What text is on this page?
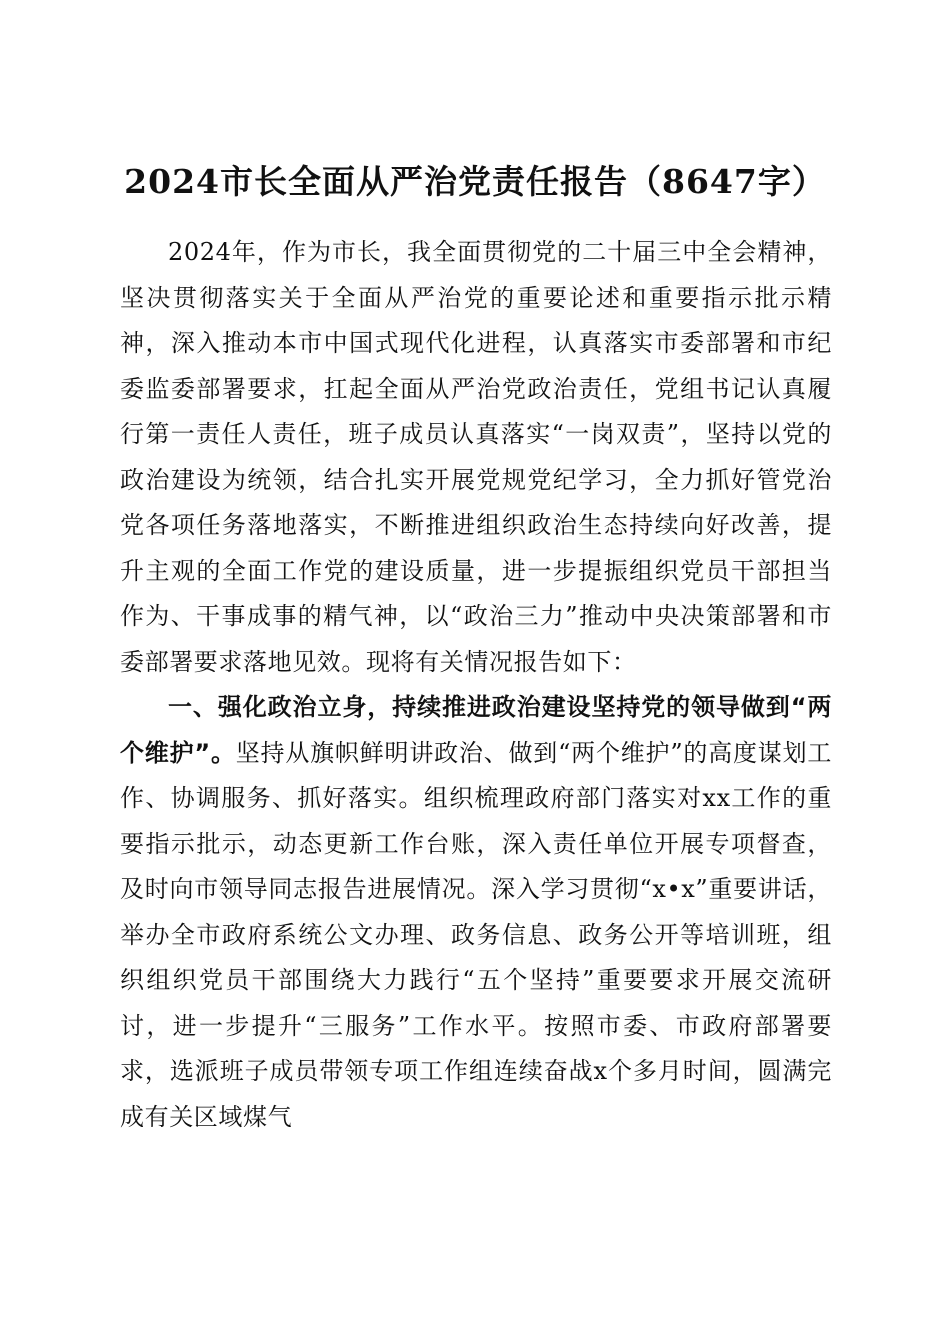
2024市长全面从严治党责任报告（8647字）

2024年，作为市长，我全面贯彻党的二十届三中全会精神，坚决贯彻落实关于全面从严治党的重要论述和重要指示批示精神，深入推动本市中国式现代化进程，认真落实市委部署和市纪委监委部署要求，扛起全面从严治党政治责任，党组书记认真履行第一责任人责任，班子成员认真落实“一岗双责”，坚持以党的政治建设为统领，结合扎实开展党规党纪学习，全力抓好管党治党各项任务落地落实，不断推进组织政治生态持续向好改善，提升主观的全面工作党的建设质量，进一步提振组织党员干部担当作为、干事成事的精气神，以“政治三力”推动中央决策部署和市委部署要求落地见效。现将有关情况报告如下：

一、强化政治立身，持续推进政治建设坚持党的领导做到“两个维护”。坚持从旗帜鲜明讲政治、做到“两个维护”的高度谋划工作、协调服务、抓好落实。组织梳理政府部门落实对xx工作的重要指示批示，动态更新工作台账，深入责任单位开展专项督查，及时向市领导同志报告进展情况。深入学习贯彻“x•x”重要讲话，举办全市政府系统公文办理、政务信息、政务公开等培训班，组织组织党员干部围绕大力践行“五个坚持”重要要求开展交流研讨，进一步提升“三服务”工作水平。按照市委、市政府部署要求，选派班子成员带领专项工作组连续奋战x个多月时间，圆满完成有关区域煤气
